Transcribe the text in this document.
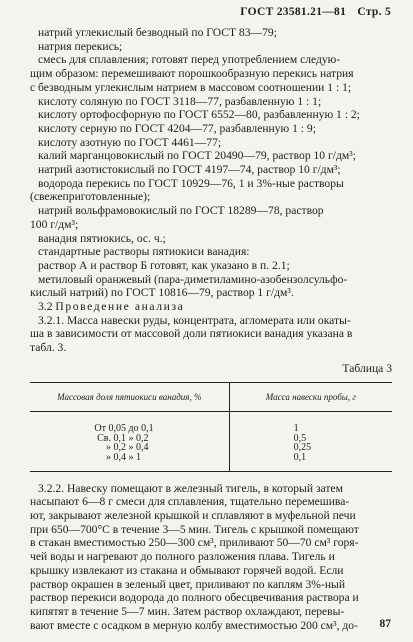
ГОСТ 23581.21—81 Стр. 5

натрий углекислый безводный по ГОСТ 83—79;

натрия перекись;

смесь для сплавления; готовят перед употреблением следую-

щим образом: перемешивают порошкообразную перекись натрия

с безводным углекислым натрием в массовом соотношении 1 : 1;

кислоту соляную по ГОСТ 3118—77, разбавленную 1 : 1;

кислоту ортофосфорную по ГОСТ 6552—80, разбавленную 1 : 2;

кислоту серную по ГОСТ 4204—77, разбавленную 1 : 9;

кислоту азотную по ГОСТ 4461—77;

калий марганцовокислый по ГОСТ 20490—79, раствор 10 г/дм³;

натрий азотистокислый по ГОСТ 4197—74, раствор 10 г/дм³;

водорода перекись по ГОСТ 10929—76, 1 и 3%-ные растворы

(свежеприготовленные);

натрий вольфрамовокислый по ГОСТ 18289—78, раствор

100 г/дм³;

ванадия пятиокись, ос. ч.;

стандартные растворы пятиокиси ванадия:

раствор А и раствор Б готовят, как указано в п. 2.1;

метиловый оранжевый (пара-диметиламино-азобензолсульфо-

кислый натрий) по ГОСТ 10816—79, раствор 1 г/дм³.

3.2 Проведение анализа

3.2.1. Масса навески руды, концентрата, агломерата или окаты-

ша в зависимости от массовой доли пятиокиси ванадия указана в

табл. 3.

Таблица 3
Массовая доля пятиокиси ванадия, %	Масса навески пробы, г
От 0,05 до 0,1	1
Св. 0,1 » 0,2	0,5
» 0,2 » 0,4	0,25
» 0,4 » 1	0,1

3.2.2. Навеску помещают в железный тигель, в который затем

насыпают 6—8 г смеси для сплавления, тщательно перемешива-

ют, закрывают железной крышкой и сплавляют в муфельной печи

при 650—700°С в течение 3—5 мин. Тигель с крышкой помещают

в стакан вместимостью 250—300 см³, приливают 50—70 см³ горя-

чей воды и нагревают до полного разложения плава. Тигель и

крышку извлекают из стакана и обмывают горячей водой. Если

раствор окрашен в зеленый цвет, приливают по каплям 3%-ный

раствор перекиси водорода до полного обесцвечивания раствора и

кипятят в течение 5—7 мин. Затем раствор охлаждают, перевы-

вают вместе с осадком в мерную колбу вместимостью 200 см³, до-	87
